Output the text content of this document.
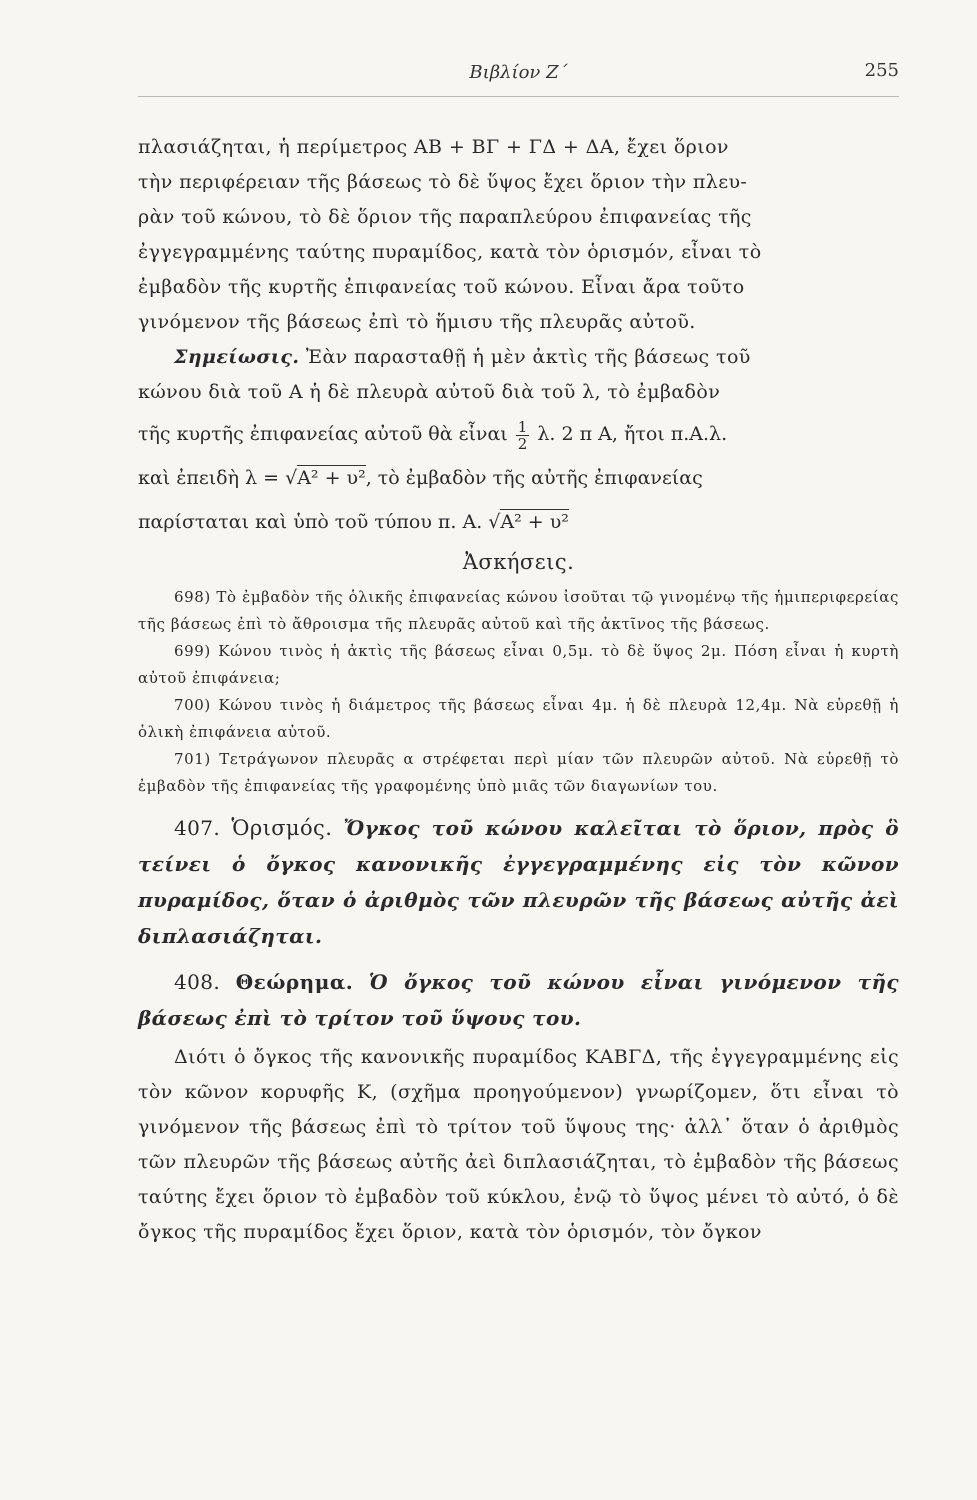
Βιβλίον Ζ΄	255

πλασιάζηται, ἡ περίμετρος ΑΒ + ΒΓ + ΓΔ + ΔΑ, ἔχει ὅριον

τὴν περιφέρειαν τῆς βάσεως τὸ δὲ ὕψος ἔχει ὅριον τὴν πλευ-

ρὰν τοῦ κώνου, τὸ δὲ ὅριον τῆς παραπλεύρου ἐπιφανείας τῆς

ἐγγεγραμμένης ταύτης πυραμίδος, κατὰ τὸν ὁρισμόν, εἶναι τὸ

ἐμβαδὸν τῆς κυρτῆς ἐπιφανείας τοῦ κώνου. Εἶναι ἄρα τοῦτο

γινόμενον τῆς βάσεως ἐπὶ τὸ ἥμισυ τῆς πλευρᾶς αὐτοῦ.

Σημείωσις. Ἐὰν παρασταθῇ ἡ μὲν ἀκτὶς τῆς βάσεως τοῦ

κώνου διὰ τοῦ Α ἡ δὲ πλευρὰ αὐτοῦ διὰ τοῦ λ, τὸ ἐμβαδὸν

τῆς κυρτῆς ἐπιφανείας αὐτοῦ θὰ εἶναι $\frac{1}{2} \lambda$. 2 π Α, ἤτοι π.Α.λ.
καὶ ἐπειδὴ λ = √Α² + υ², τὸ ἐμβαδὸν τῆς αὐτῆς ἐπιφανείας
παρίσταται καὶ ὑπὸ τοῦ τύπου π. Α. √Α² + υ²
Ἀσκήσεις.

698) Τὸ ἐμβαδὸν τῆς ὁλικῆς ἐπιφανείας κώνου ἰσοῦται τῷ γινομένῳ τῆς ἡμιπεριφερείας τῆς βάσεως ἐπὶ τὸ ἄθροισμα τῆς πλευρᾶς αὐτοῦ καὶ τῆς ἀκτῖνος τῆς βάσεως.

699) Κώνου τινὸς ἡ ἀκτὶς τῆς βάσεως εἶναι 0,5μ. τὸ δὲ ὕψος 2μ. Πόση εἶναι ἡ κυρτὴ αὐτοῦ ἐπιφάνεια;

700) Κώνου τινὸς ἡ διάμετρος τῆς βάσεως εἶναι 4μ. ἡ δὲ πλευρὰ 12,4μ. Νὰ εὑρεθῇ ἡ ὁλικὴ ἐπιφάνεια αὐτοῦ.

701) Τετράγωνον πλευρᾶς α στρέφεται περὶ μίαν τῶν πλευρῶν αὐτοῦ. Νὰ εὑρεθῇ τὸ ἐμβαδὸν τῆς ἐπιφανείας τῆς γραφομένης ὑπὸ μιᾶς τῶν διαγωνίων του.

407. Ὁρισμός. Ὄγκος τοῦ κώνου καλεῖται τὸ ὅριον, πρὸς ὃ τείνει ὁ ὄγκος κανονικῆς ἐγγεγραμμένης εἰς τὸν κῶνον πυραμίδος, ὅταν ὁ ἀριθμὸς τῶν πλευρῶν τῆς βάσεως αὐτῆς ἀεὶ διπλασιάζηται.

408. Θεώρημα. Ὁ ὄγκος τοῦ κώνου εἶναι γινόμενον τῆς βάσεως ἐπὶ τὸ τρίτον τοῦ ὕψους του.

Διότι ὁ ὄγκος τῆς κανονικῆς πυραμίδος ΚΑΒΓΔ, τῆς ἐγγεγραμμένης εἰς τὸν κῶνον κορυφῆς Κ, (σχῆμα προηγούμενον) γνωρίζομεν, ὅτι εἶναι τὸ γινόμενον τῆς βάσεως ἐπὶ τὸ τρίτον τοῦ ὕψους της· ἀλλ᾽ ὅταν ὁ ἀριθμὸς τῶν πλευρῶν τῆς βάσεως αὐτῆς ἀεὶ διπλασιάζηται, τὸ ἐμβαδὸν τῆς βάσεως ταύτης ἔχει ὅριον τὸ ἐμβαδὸν τοῦ κύκλου, ἐνῷ τὸ ὕψος μένει τὸ αὐτό, ὁ δὲ ὄγκος τῆς πυραμίδος ἔχει ὅριον, κατὰ τὸν ὁρισμόν, τὸν ὄγκον
